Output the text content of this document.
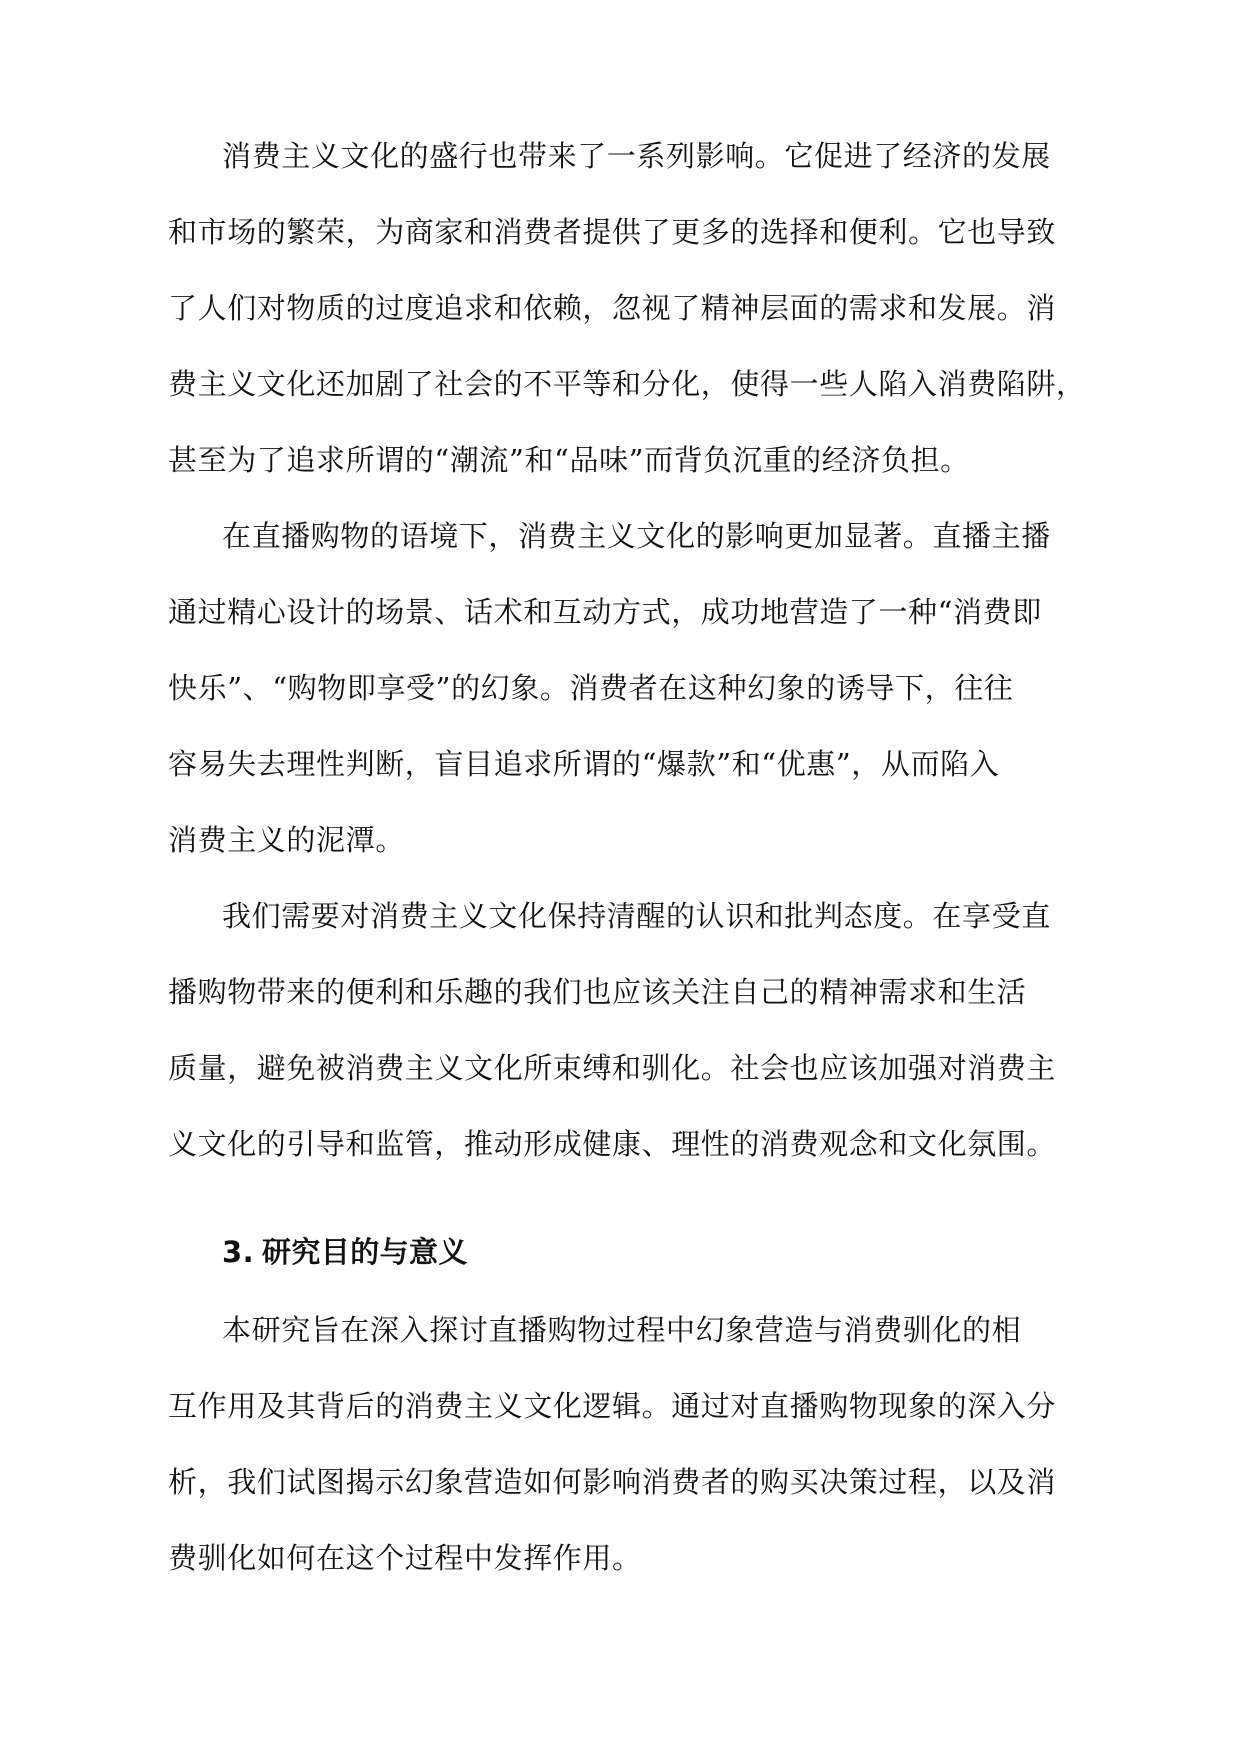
消费主义文化的盛行也带来了一系列影响。它促进了经济的发展
和市场的繁荣，为商家和消费者提供了更多的选择和便利。它也导致
了人们对物质的过度追求和依赖，忽视了精神层面的需求和发展。消
费主义文化还加剧了社会的不平等和分化，使得一些人陷入消费陷阱，
甚至为了追求所谓的“潮流”和“品味”而背负沉重的经济负担。
在直播购物的语境下，消费主义文化的影响更加显著。直播主播
通过精心设计的场景、话术和互动方式，成功地营造了一种“消费即
快乐”、“购物即享受”的幻象。消费者在这种幻象的诱导下，往往
容易失去理性判断，盲目追求所谓的“爆款”和“优惠”，从而陷入
消费主义的泥潭。
我们需要对消费主义文化保持清醒的认识和批判态度。在享受直
播购物带来的便利和乐趣的我们也应该关注自己的精神需求和生活
质量，避免被消费主义文化所束缚和驯化。社会也应该加强对消费主
义文化的引导和监管，推动形成健康、理性的消费观念和文化氛围。
3. 研究目的与意义
本研究旨在深入探讨直播购物过程中幻象营造与消费驯化的相
互作用及其背后的消费主义文化逻辑。通过对直播购物现象的深入分
析，我们试图揭示幻象营造如何影响消费者的购买决策过程，以及消
费驯化如何在这个过程中发挥作用。
